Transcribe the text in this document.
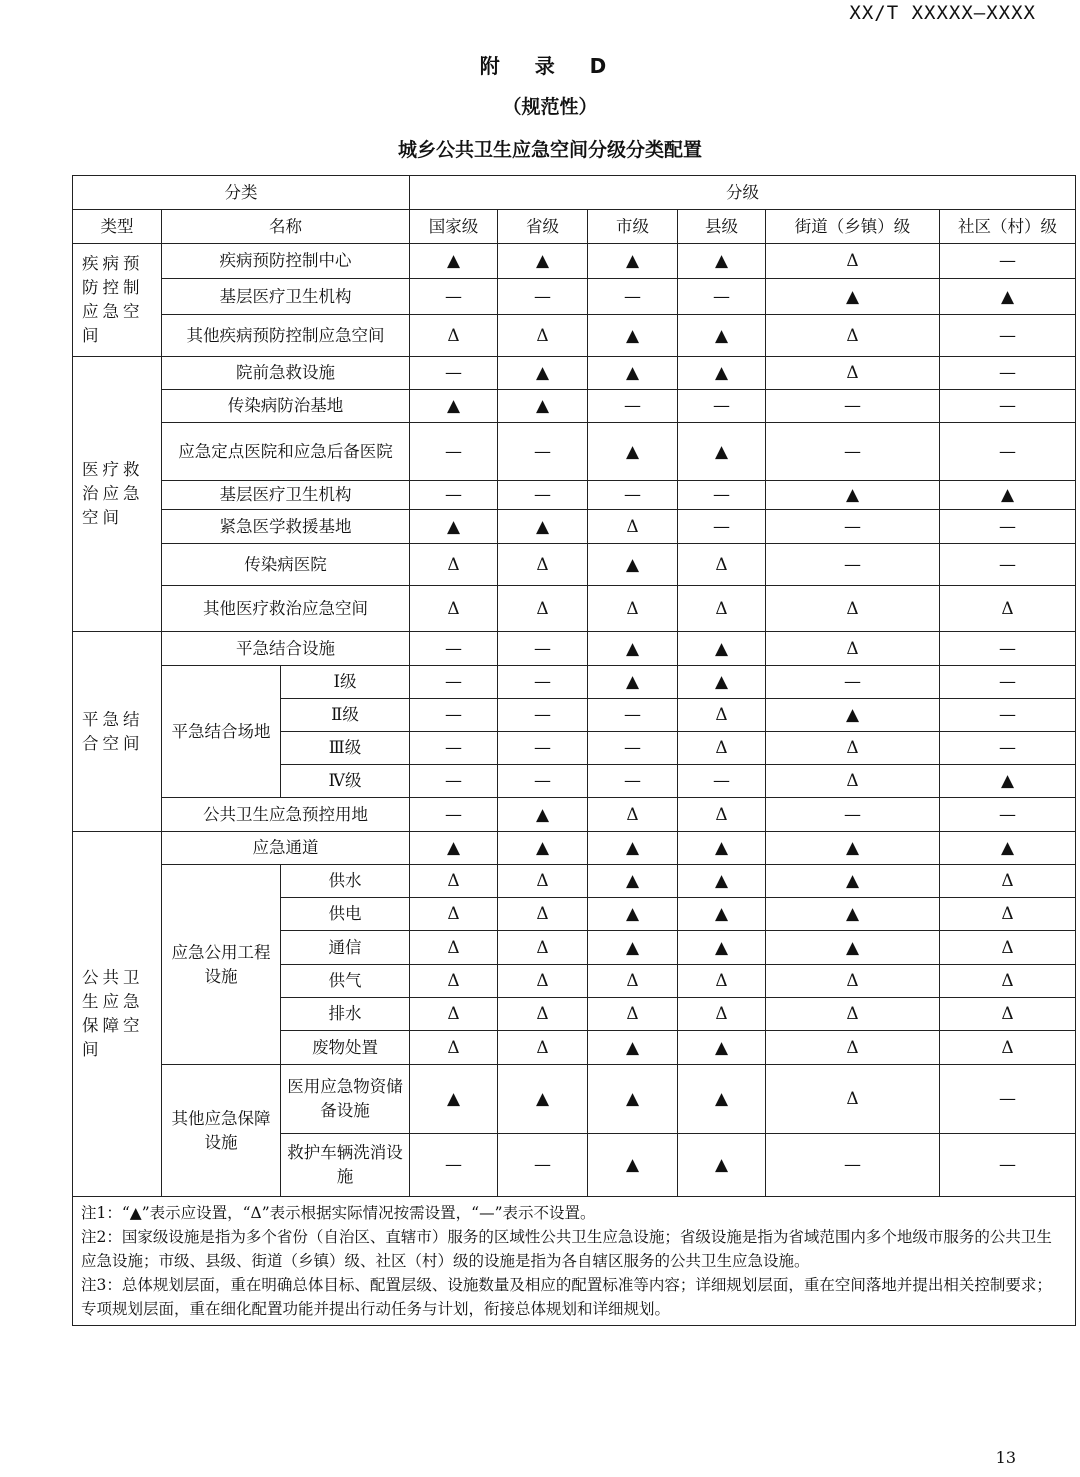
XX/T XXXXX—XXXX
附 录 D
（规范性）
城乡公共卫生应急空间分级分类配置
分类			分级					
类型	名称		国家级	省级	市级	县级	街道（乡镇）级	社区（村）级
疾病预防控制应急空间	疾病预防控制中心		▲	▲	▲	▲	Δ	—
	基层医疗卫生机构		—	—	—	—	▲	▲
	其他疾病预防控制应急空间		Δ	Δ	▲	▲	Δ	—
医疗救治应急空间	院前急救设施		—	▲	▲	▲	Δ	—
	传染病防治基地		▲	▲	—	—	—	—
	应急定点医院和应急后备医院		—	—	▲	▲	—	—
	基层医疗卫生机构		—	—	—	—	▲	▲
	紧急医学救援基地		▲	▲	Δ	—	—	—
	传染病医院		Δ	Δ	▲	Δ	—	—
	其他医疗救治应急空间		Δ	Δ	Δ	Δ	Δ	Δ
平急结合空间	平急结合设施		—	—	▲	▲	Δ	—
	平急结合场地	Ⅰ级	—	—	▲	▲	—	—
		Ⅱ级	—	—	—	Δ	▲	—
		Ⅲ级	—	—	—	Δ	Δ	—
		Ⅳ级	—	—	—	—	Δ	▲
	公共卫生应急预控用地		—	▲	Δ	Δ	—	—
公共卫生应急保障空间	应急通道		▲	▲	▲	▲	▲	▲
	应急公用工程设施	供水	Δ	Δ	▲	▲	▲	Δ
		供电	Δ	Δ	▲	▲	▲	Δ
		通信	Δ	Δ	▲	▲	▲	Δ
		供气	Δ	Δ	Δ	Δ	Δ	Δ
		排水	Δ	Δ	Δ	Δ	Δ	Δ
		废物处置	Δ	Δ	▲	▲	Δ	Δ
	其他应急保障设施	医用应急物资储备设施	▲	▲	▲	▲	Δ	—
		救护车辆洗消设施	—	—	▲	▲	—	—

注1：“▲”表示应设置，“Δ”表示根据实际情况按需设置，“—”表示不设置。
注2：国家级设施是指为多个省份（自治区、直辖市）服务的区域性公共卫生应急设施；省级设施是指为省域范围内多个地级市服务的公共卫生应急设施；市级、县级、街道（乡镇）级、社区（村）级的设施是指为各自辖区服务的公共卫生应急设施。
注3：总体规划层面，重在明确总体目标、配置层级、设施数量及相应的配置标准等内容；详细规划层面，重在空间落地并提出相关控制要求；专项规划层面，重在细化配置功能并提出行动任务与计划，衔接总体规划和详细规划。								
13
